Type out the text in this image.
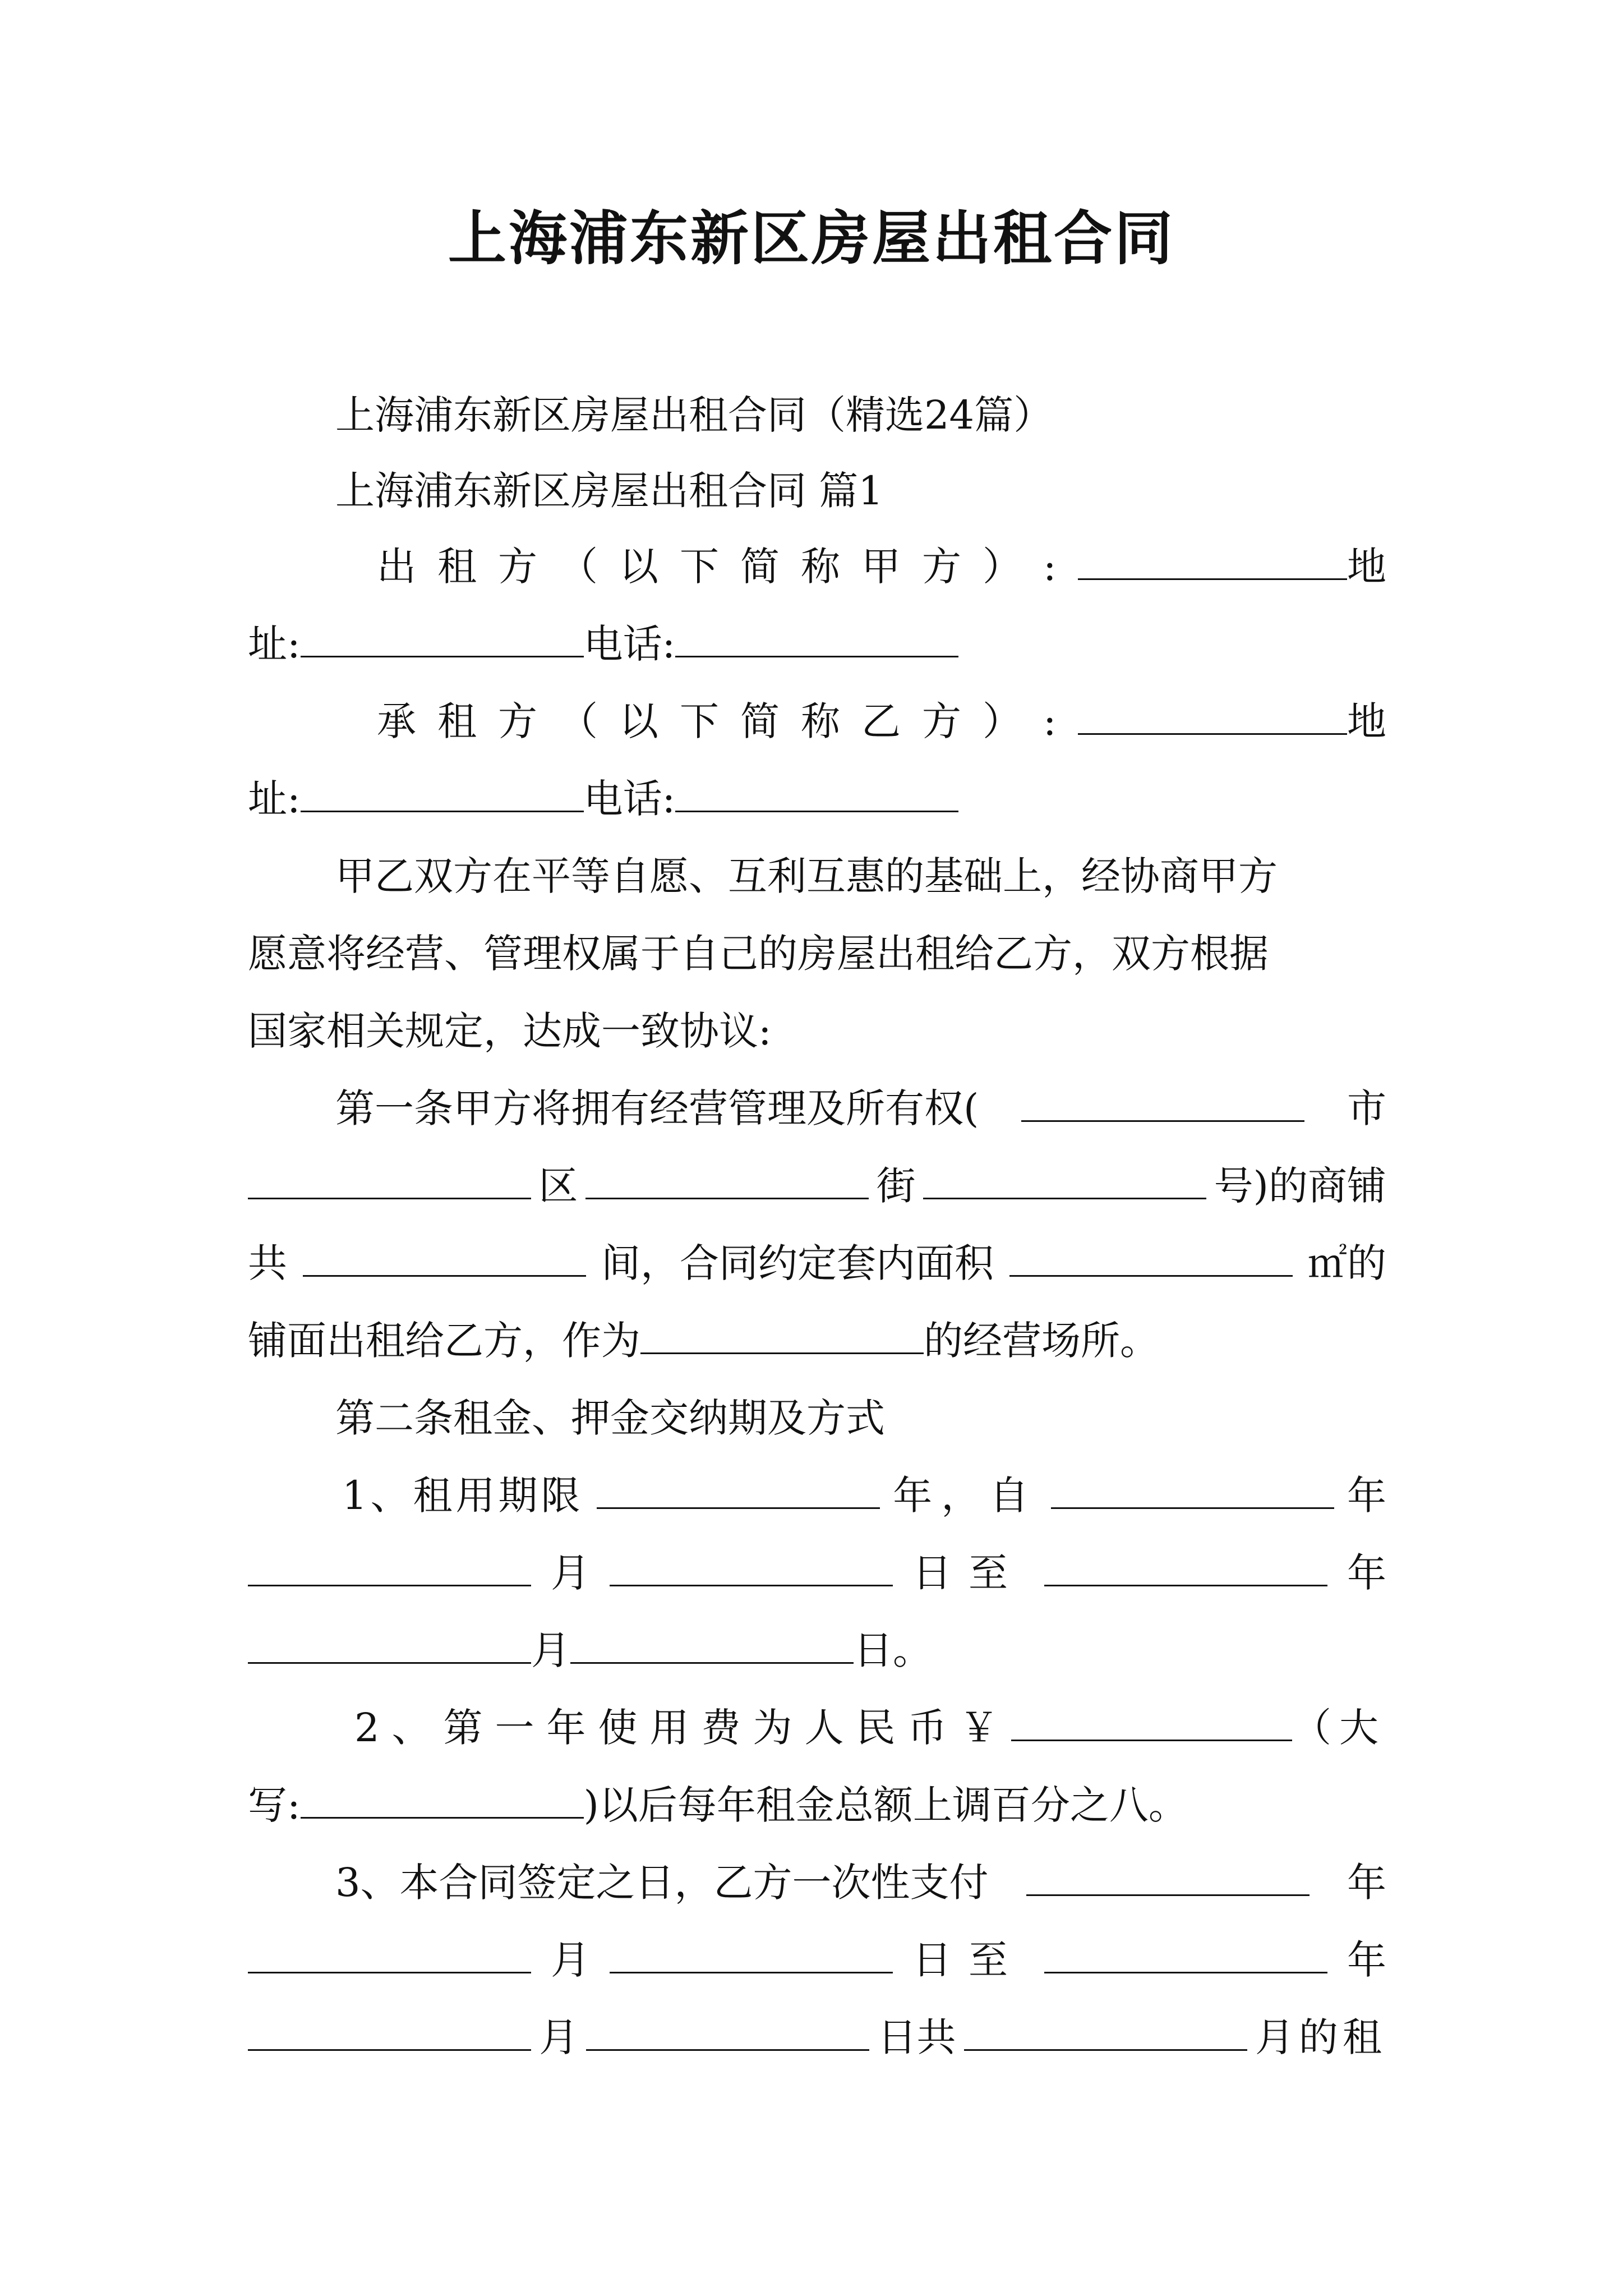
上海浦东新区房屋出租合同
上海浦东新区房屋出租合同（精选24篇）
上海浦东新区房屋出租合同 篇1
出租方（以下简称甲方）:	地
址:	电话:
承租方（以下简称乙方）:	地
址:	电话:
甲乙双方在平等自愿、互利互惠的基础上，经协商甲方
愿意将经营、管理权属于自己的房屋出租给乙方，双方根据
国家相关规定，达成一致协议:
第一条甲方将拥有经营管理及所有权(	市
区	街	号)的商铺
共	间，合同约定套内面积	㎡的
铺面出租给乙方，作为	的经营场所。
第二条租金、押金交纳期及方式
1、租用期限	年，自	年
月	日至	年
月	日。
2、第一年使用费为人民币￥	（大
写:	)以后每年租金总额上调百分之八。
3、本合同签定之日，乙方一次性支付	年
月	日至	年
月	日共	月的租
